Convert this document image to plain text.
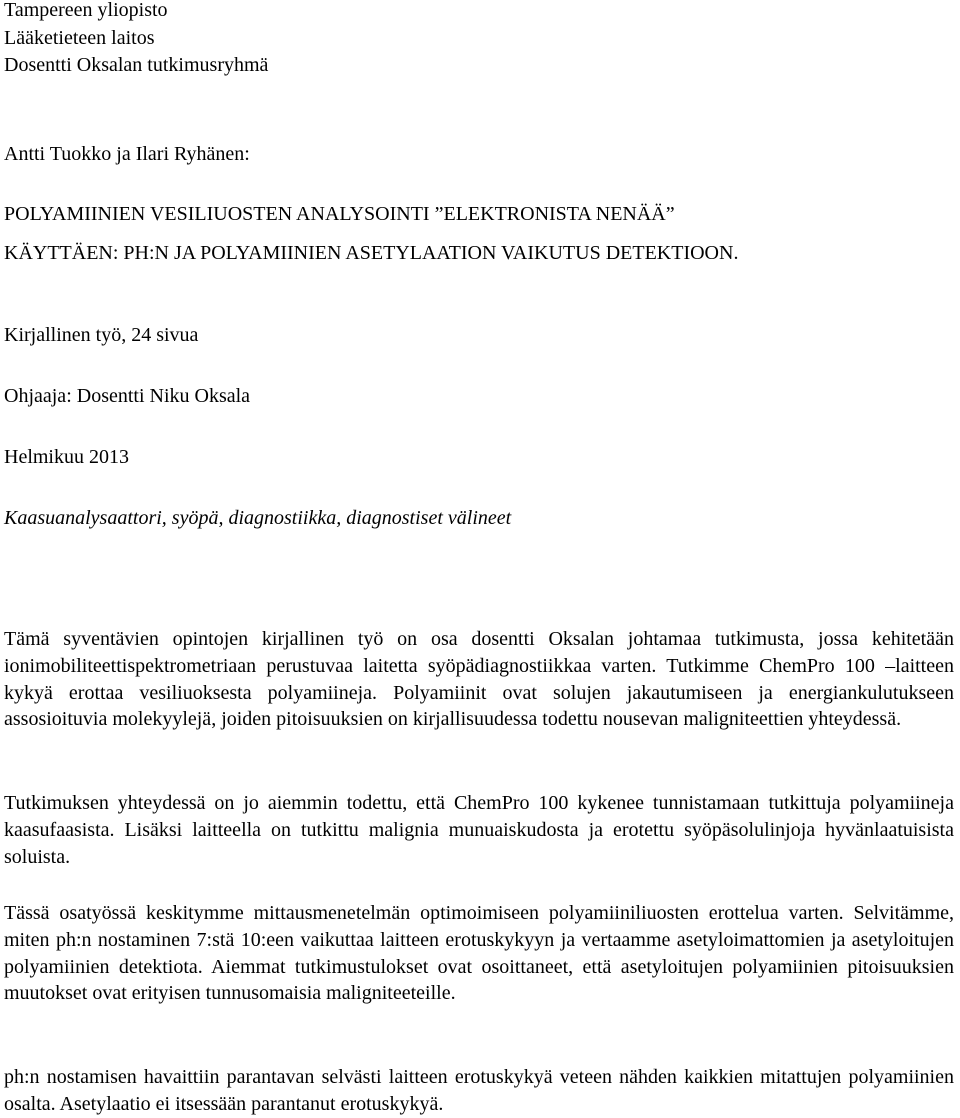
Tampereen yliopisto
Lääketieteen laitos
Dosentti Oksalan tutkimusryhmä
Antti Tuokko ja Ilari Ryhänen:
POLYAMIINIEN VESILIUOSTEN ANALYSOINTI ”ELEKTRONISTA NENÄÄ”
KÄYTTÄEN: PH:N JA POLYAMIINIEN ASETYLAATION VAIKUTUS DETEKTIOON.
Kirjallinen työ, 24 sivua
Ohjaaja: Dosentti Niku Oksala
Helmikuu 2013
Kaasuanalysaattori, syöpä, diagnostiikka, diagnostiset välineet

Tämä syventävien opintojen kirjallinen työ on osa dosentti Oksalan johtamaa tutkimusta, jossa kehitetään ionimobiliteettispektrometriaan perustuvaa laitetta syöpädiagnostiikkaa varten. Tutkimme ChemPro 100 –laitteen kykyä erottaa vesiliuoksesta polyamiineja. Polyamiinit ovat solujen jakautumiseen ja energiankulutukseen assosioituvia molekyylejä, joiden pitoisuuksien on kirjallisuudessa todettu nousevan maligniteettien yhteydessä.

Tutkimuksen yhteydessä on jo aiemmin todettu, että ChemPro 100 kykenee tunnistamaan tutkittuja polyamiineja kaasufaasista. Lisäksi laitteella on tutkittu malignia munuaiskudosta ja erotettu syöpäsolulinjoja hyvänlaatuisista soluista.

Tässä osatyössä keskitymme mittausmenetelmän optimoimiseen polyamiiniliuosten erottelua varten. Selvitämme, miten ph:n nostaminen 7:stä 10:een vaikuttaa laitteen erotuskykyyn ja vertaamme asetyloimattomien ja asetyloitujen polyamiinien detektiota. Aiemmat tutkimustulokset ovat osoittaneet, että asetyloitujen polyamiinien pitoisuuksien muutokset ovat erityisen tunnusomaisia maligniteeteille.

ph:n nostamisen havaittiin parantavan selvästi laitteen erotuskykyä veteen nähden kaikkien mitattujen polyamiinien osalta. Asetylaatio ei itsessään parantanut erotuskykyä.
